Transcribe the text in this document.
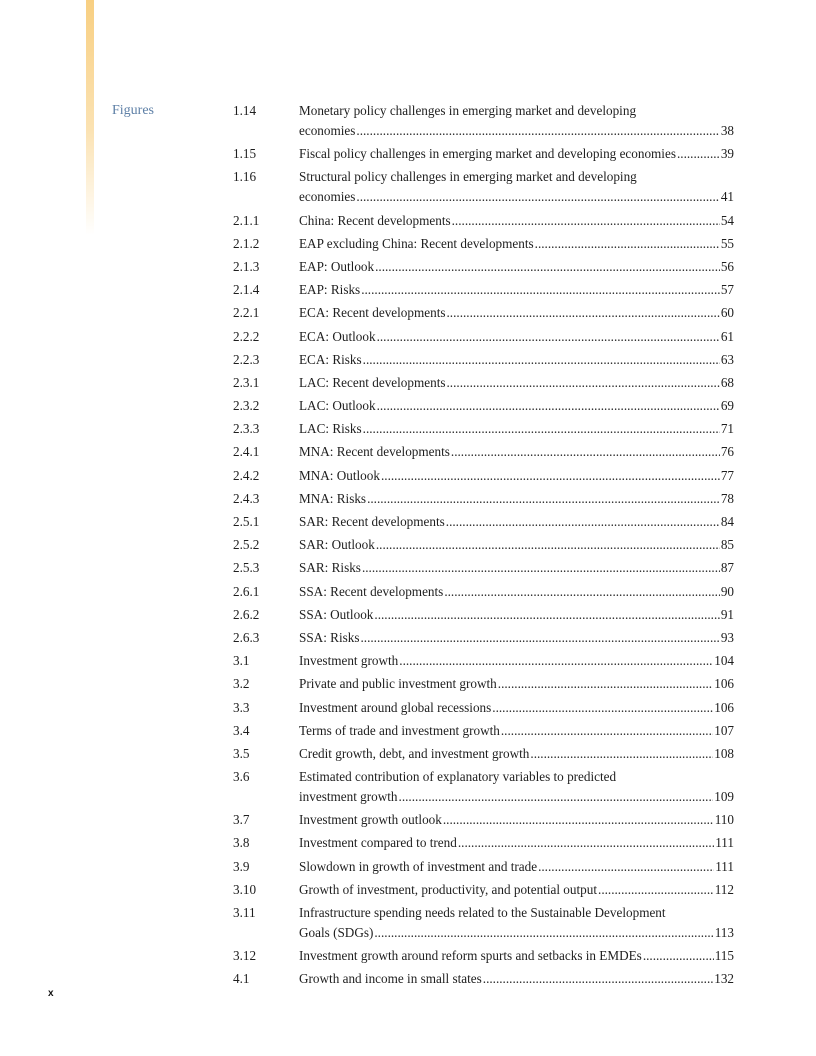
Figures	1.14	Monetary policy challenges in emerging market and developing
economies .....	38
1.15	Fiscal policy challenges in emerging market and developing economies .....	39
1.16	Structural policy challenges in emerging market and developing
economies .....	41
2.1.1	China: Recent developments .....	54
2.1.2	EAP excluding China: Recent developments .....	55
2.1.3	EAP: Outlook .....	56
2.1.4	EAP: Risks .....	57
2.2.1	ECA: Recent developments .....	60
2.2.2	ECA: Outlook .....	61
2.2.3	ECA: Risks .....	63
2.3.1	LAC: Recent developments .....	68
2.3.2	LAC: Outlook .....	69
2.3.3	LAC: Risks .....	71
2.4.1	MNA: Recent developments .....	76
2.4.2	MNA: Outlook .....	77
2.4.3	MNA: Risks .....	78
2.5.1	SAR: Recent developments .....	84
2.5.2	SAR: Outlook .....	85
2.5.3	SAR: Risks .....	87
2.6.1	SSA: Recent developments .....	90
2.6.2	SSA: Outlook .....	91
2.6.3	SSA: Risks .....	93
3.1	Investment growth .....	104
3.2	Private and public investment growth .....	106
3.3	Investment around global recessions .....	106
3.4	Terms of trade and investment growth .....	107
3.5	Credit growth, debt, and investment growth .....	108
3.6	Estimated contribution of explanatory variables to predicted
investment growth .....	109
3.7	Investment growth outlook .....	110
3.8	Investment compared to trend .....	111
3.9	Slowdown in growth of investment and trade .....	111
3.10	Growth of investment, productivity, and potential output .....	112
3.11	Infrastructure spending needs related to the Sustainable Development
Goals (SDGs) .....	113
3.12	Investment growth around reform spurts and setbacks in EMDEs .....	115
4.1	Growth and income in small states .....	132
x
